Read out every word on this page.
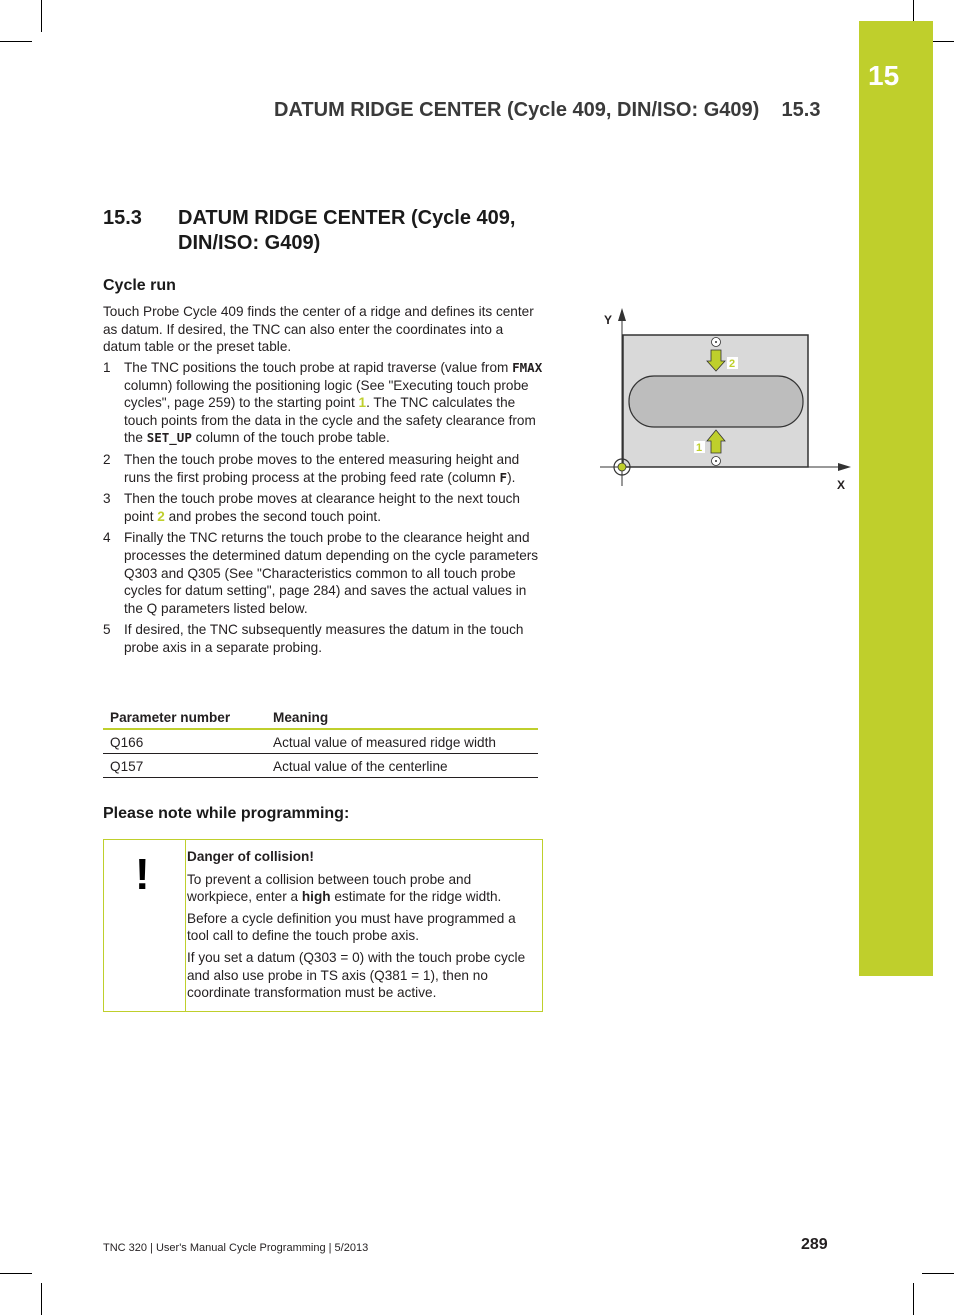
15
DATUM RIDGE CENTER (Cycle 409, DIN/ISO: G409)    15.3
15.3 DATUM RIDGE CENTER (Cycle 409, DIN/ISO: G409)
Cycle run
Touch Probe Cycle 409 finds the center of a ridge and defines its center as datum. If desired, the TNC can also enter the coordinates into a datum table or the preset table.
1 The TNC positions the touch probe at rapid traverse (value from FMAX column) following the positioning logic (See "Executing touch probe cycles", page 259) to the starting point 1. The TNC calculates the touch points from the data in the cycle and the safety clearance from the SET_UP column of the touch probe table.
2 Then the touch probe moves to the entered measuring height and runs the first probing process at the probing feed rate (column F).
3 Then the touch probe moves at clearance height to the next touch point 2 and probes the second touch point.
4 Finally the TNC returns the touch probe to the clearance height and processes the determined datum depending on the cycle parameters Q303 and Q305 (See "Characteristics common to all touch probe cycles for datum setting", page 284) and saves the actual values in the Q parameters listed below.
5 If desired, the TNC subsequently measures the datum in the touch probe axis in a separate probing.
Parameter number	Meaning
Q166	Actual value of measured ridge width
Q157	Actual value of the centerline
Please note while programming:
!	Danger of collision!

To prevent a collision between touch probe and workpiece, enter a high estimate for the ridge width.

Before a cycle definition you must have programmed a tool call to define the touch probe axis.

If you set a datum (Q303 = 0) with the touch probe cycle and also use probe in TS axis (Q381 = 1), then no coordinate transformation must be active.

Y
X
2
1
TNC 320 | User's Manual Cycle Programming | 5/2013	289
